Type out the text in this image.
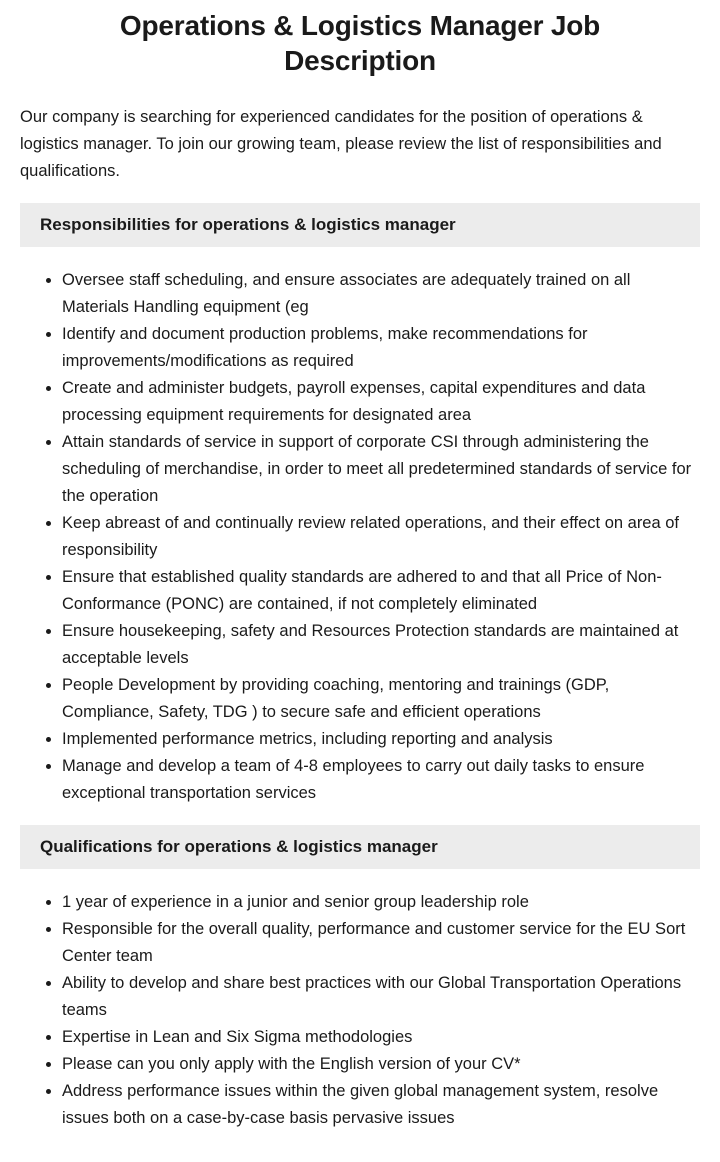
Operations & Logistics Manager Job Description

Our company is searching for experienced candidates for the position of operations & logistics manager. To join our growing team, please review the list of responsibilities and qualifications.

Responsibilities for operations & logistics manager
Oversee staff scheduling, and ensure associates are adequately trained on all Materials Handling equipment (eg
Identify and document production problems, make recommendations for improvements/modifications as required
Create and administer budgets, payroll expenses, capital expenditures and data processing equipment requirements for designated area
Attain standards of service in support of corporate CSI through administering the scheduling of merchandise, in order to meet all predetermined standards of service for the operation
Keep abreast of and continually review related operations, and their effect on area of responsibility
Ensure that established quality standards are adhered to and that all Price of Non-Conformance (PONC) are contained, if not completely eliminated
Ensure housekeeping, safety and Resources Protection standards are maintained at acceptable levels
People Development by providing coaching, mentoring and trainings (GDP, Compliance, Safety, TDG ) to secure safe and efficient operations
Implemented performance metrics, including reporting and analysis
Manage and develop a team of 4-8 employees to carry out daily tasks to ensure exceptional transportation services
Qualifications for operations & logistics manager
1 year of experience in a junior and senior group leadership role
Responsible for the overall quality, performance and customer service for the EU Sort Center team
Ability to develop and share best practices with our Global Transportation Operations teams
Expertise in Lean and Six Sigma methodologies
Please can you only apply with the English version of your CV*
Address performance issues within the given global management system, resolve issues both on a case-by-case basis pervasive issues
